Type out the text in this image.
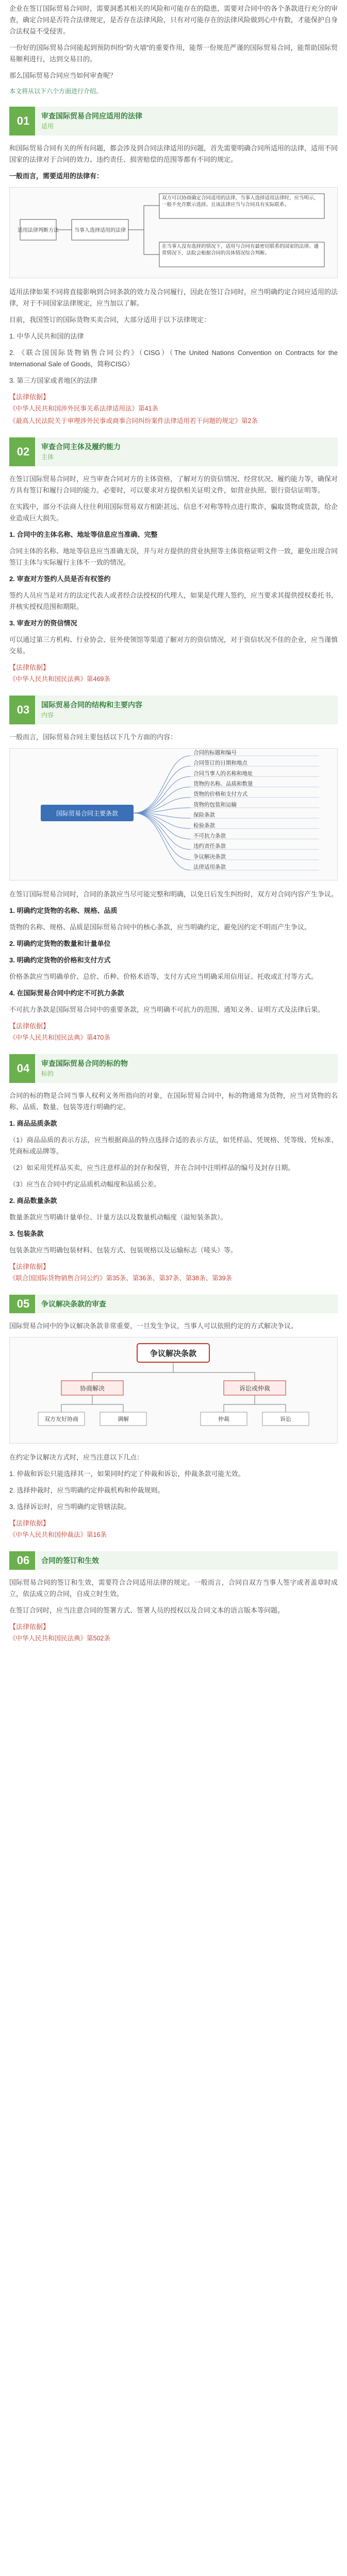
企业在签订国际贸易合同时，需要洞悉其相关的风险和可能存在的隐患，需要对合同中的各个条款进行充分的审查，确定合同是否符合法律规定，是否存在法律风险，只有对可能存在的法律风险做到心中有数，才能保护自身合法权益不受侵害。

一份好的国际贸易合同能起到预防纠纷“防火墙”的重要作用，能帮一份规范严谨的国际贸易合同，能帮助国际贸易顺利进行，达到交易目的。

那么国际贸易合同应当如何审查呢？

本文将从以下六个方面进行介绍。
01	审查国际贸易合同应适用的法律
适用

和国际贸易合同有关的所有问题，都会涉及到合同法律适用的问题，首先需要明确合同所适用的法律，适用不同国家的法律对于合同的效力、违约责任、损害赔偿的范围等都有不同的规定。

一般而言，需要适用的法律有：

适用法律判断方法	当事人选择适用的法律
双方可以协商确定合同适用的法律，当事人选择适用法律时，应当明示，一般不允许默示选择。且该法律应当与合同具有实际联系。
在当事人没有选择的情况下，适用与合同有最密切联系的国家的法律。通常情况下，法院会根据合同的具体情况综合判断。

适用法律如果不同将直接影响到合同条款的效力及合同履行，因此在签订合同时，应当明确约定合同应适用的法律，对于不同国家法律规定，应当加以了解。

目前，我国签订的国际货物买卖合同，大部分适用于以下法律规定：

1. 中华人民共和国的法律

2. 《联合国国际货物销售合同公约》（CISG）（The United Nations Convention on Contracts for the International Sale of Goods，简称CISG）

3. 第三方国家或者地区的法律

【法律依据】
《中华人民共和国涉外民事关系法律适用法》第41条
《最高人民法院关于审理涉外民事或商事合同纠纷案件法律适用若干问题的规定》第2条
02	审查合同主体及履约能力
主体

在签订国际贸易合同时，应当审查合同对方的主体资格，了解对方的资信情况、经营状况、履约能力等，确保对方具有签订和履行合同的能力。必要时，可以要求对方提供相关证明文件，如营业执照、银行资信证明等。

在实践中，部分不法商人往往利用国际贸易双方相距甚远、信息不对称等特点进行欺诈，骗取货物或货款，给企业造成巨大损失。

1. 合同中的主体名称、地址等信息应当准确、完整

合同主体的名称、地址等信息应当准确无误，并与对方提供的营业执照等主体资格证明文件一致，避免出现合同签订主体与实际履行主体不一致的情况。

2. 审查对方签约人员是否有权签约

签约人员应当是对方的法定代表人或者经合法授权的代理人，如果是代理人签约，应当要求其提供授权委托书，并核实授权范围和期限。

3. 审查对方的资信情况

可以通过第三方机构、行业协会、驻外使领馆等渠道了解对方的资信情况，对于资信状况不佳的企业，应当谨慎交易。

【法律依据】
《中华人民共和国民法典》第469条
03	国际贸易合同的结构和主要内容
内容

一般而言，国际贸易合同主要包括以下几个方面的内容：

国际贸易合同主要条款
合同的标题和编号
合同签订的日期和地点
合同当事人的名称和地址
货物的名称、品质和数量
货物的价格和支付方式
货物的包装和运输
保险条款
检验条款
不可抗力条款
违约责任条款
争议解决条款
法律适用条款

在签订国际贸易合同时，合同的条款应当尽可能完整和明确，以免日后发生纠纷时，双方对合同内容产生争议。

1. 明确约定货物的名称、规格、品质

货物的名称、规格、品质是国际贸易合同中的核心条款，应当明确约定，避免因约定不明而产生争议。

2. 明确约定货物的数量和计量单位

3. 明确约定货物的价格和支付方式

价格条款应当明确单价、总价、币种、价格术语等，支付方式应当明确采用信用证、托收或汇付等方式。

4. 在国际贸易合同中约定不可抗力条款

不可抗力条款是国际贸易合同中的重要条款，应当明确不可抗力的范围、通知义务、证明方式及法律后果。

【法律依据】
《中华人民共和国民法典》第470条
04	审查国际贸易合同的标的物
标的

合同的标的物是合同当事人权利义务所指向的对象，在国际贸易合同中，标的物通常为货物，应当对货物的名称、品质、数量、包装等进行明确约定。

1. 商品品质条款

（1）商品品质的表示方法，应当根据商品的特点选择合适的表示方法，如凭样品、凭规格、凭等级、凭标准、凭商标或品牌等。

（2）如采用凭样品买卖，应当注意样品的封存和保管，并在合同中注明样品的编号及封存日期。

（3）应当在合同中约定品质机动幅度和品质公差。

2. 商品数量条款

数量条款应当明确计量单位、计量方法以及数量机动幅度（溢短装条款）。

3. 包装条款

包装条款应当明确包装材料、包装方式、包装规格以及运输标志（唛头）等。

【法律依据】
《联合国国际货物销售合同公约》第35条、第36条、第37条、第38条、第39条
05	争议解决条款的审查

国际贸易合同中的争议解决条款非常重要，一旦发生争议，当事人可以依照约定的方式解决争议。

争议解决条款
协商解决	诉讼或仲裁
双方友好协商	调解	仲裁	诉讼

在约定争议解决方式时，应当注意以下几点：

1. 仲裁和诉讼只能选择其一，如果同时约定了仲裁和诉讼，仲裁条款可能无效。

2. 选择仲裁时，应当明确约定仲裁机构和仲裁规则。

3. 选择诉讼时，应当明确约定管辖法院。

【法律依据】
《中华人民共和国仲裁法》第16条
06	合同的签订和生效

国际贸易合同的签订和生效，需要符合合同适用法律的规定。一般而言，合同自双方当事人签字或者盖章时成立，依法成立的合同，自成立时生效。

在签订合同时，应当注意合同的签署方式、签署人员的授权以及合同文本的语言版本等问题。

【法律依据】
《中华人民共和国民法典》第502条
